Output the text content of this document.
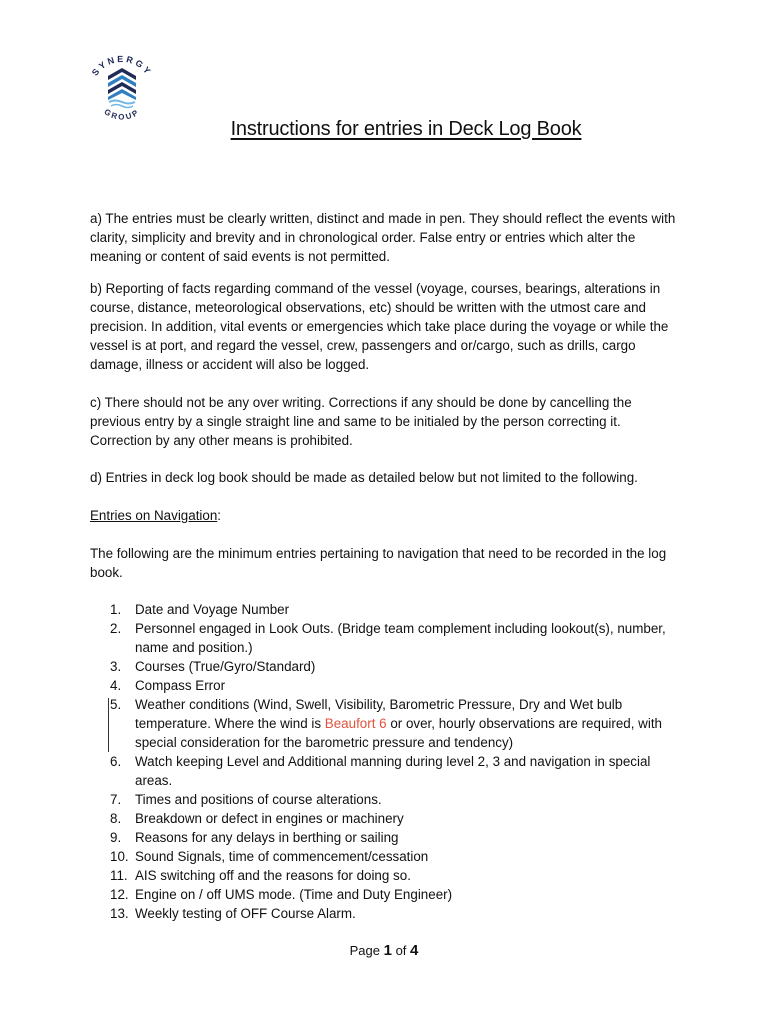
SYNERGY
GROUP
Instructions for entries in Deck Log Book

a) The entries must be clearly written, distinct and made in pen. They should reflect the events with clarity, simplicity and brevity and in chronological order. False entry or entries which alter the meaning or content of said events is not permitted.

b) Reporting of facts regarding command of the vessel (voyage, courses, bearings, alterations in course, distance, meteorological observations, etc) should be written with the utmost care and precision. In addition, vital events or emergencies which take place during the voyage or while the vessel is at port, and regard the vessel, crew, passengers and or/cargo, such as drills, cargo damage, illness or accident will also be logged.

c) There should not be any over writing. Corrections if any should be done by cancelling the previous entry by a single straight line and same to be initialed by the person correcting it. Correction by any other means is prohibited.

d) Entries in deck log book should be made as detailed below but not limited to the following.

Entries on Navigation:

The following are the minimum entries pertaining to navigation that need to be recorded in the log book.

1. Date and Voyage Number
2. Personnel engaged in Look Outs. (Bridge team complement including lookout(s), number, name and position.)
3. Courses (True/Gyro/Standard)
4. Compass Error
5. Weather conditions (Wind, Swell, Visibility, Barometric Pressure, Dry and Wet bulb temperature. Where the wind is Beaufort 6 or over, hourly observations are required, with special consideration for the barometric pressure and tendency)
6. Watch keeping Level and Additional manning during level 2, 3 and navigation in special areas.
7. Times and positions of course alterations.
8. Breakdown or defect in engines or machinery
9. Reasons for any delays in berthing or sailing
10. Sound Signals, time of commencement/cessation
11. AIS switching off and the reasons for doing so.
12. Engine on / off UMS mode. (Time and Duty Engineer)
13. Weekly testing of OFF Course Alarm.
Page 1 of 4
